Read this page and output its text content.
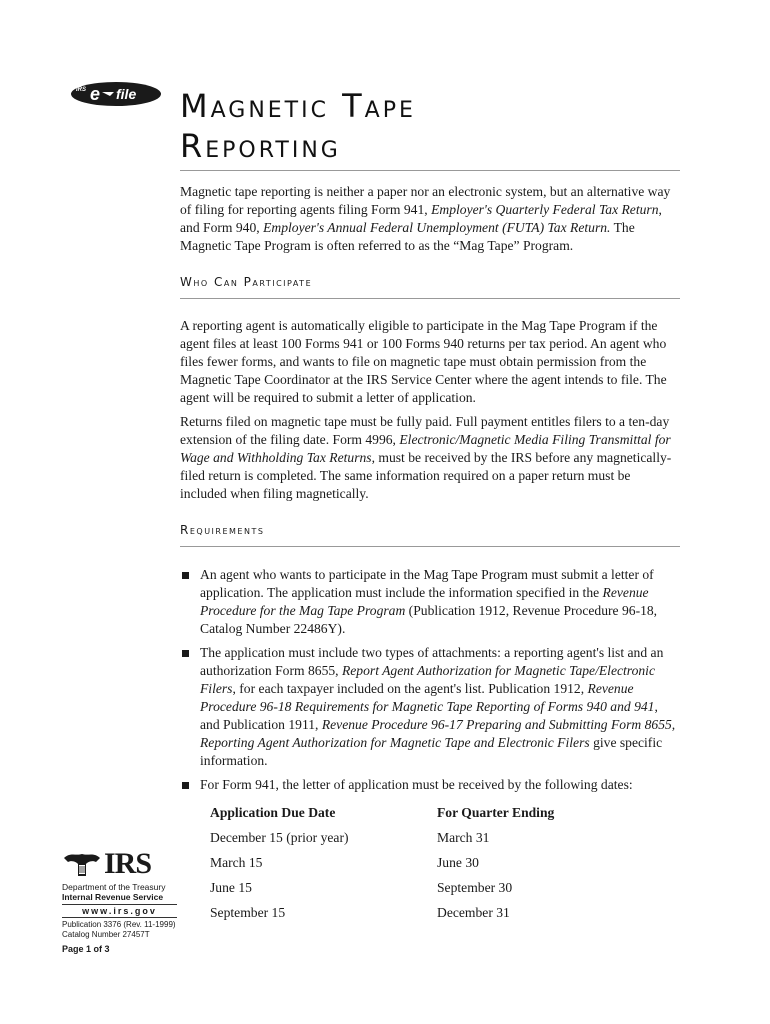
IRS e file Magnetic Tape
Reporting

Magnetic tape reporting is neither a paper nor an electronic system, but an alternative way of filing for reporting agents filing Form 941, Employer's Quarterly Federal Tax Return, and Form 940, Employer's Annual Federal Unemployment (FUTA) Tax Return. The Magnetic Tape Program is often referred to as the “Mag Tape” Program.

Who Can Participate

A reporting agent is automatically eligible to participate in the Mag Tape Program if the agent files at least 100 Forms 941 or 100 Forms 940 returns per tax period. An agent who files fewer forms, and wants to file on magnetic tape must obtain permission from the Magnetic Tape Coordinator at the IRS Service Center where the agent intends to file. The agent will be required to submit a letter of application.

Returns filed on magnetic tape must be fully paid. Full payment entitles filers to a ten-day extension of the filing date. Form 4996, Electronic/Magnetic Media Filing Transmittal for Wage and Withholding Tax Returns, must be received by the IRS before any magnetically-filed return is completed. The same information required on a paper return must be included when filing magnetically.

Requirements
An agent who wants to participate in the Mag Tape Program must submit a letter of application. The application must include the information specified in the Revenue Procedure for the Mag Tape Program (Publication 1912, Revenue Procedure 96-18, Catalog Number 22486Y).
The application must include two types of attachments: a reporting agent's list and an authorization Form 8655, Report Agent Authorization for Magnetic Tape/Electronic Filers, for each taxpayer included on the agent's list. Publication 1912, Revenue Procedure 96-18 Requirements for Magnetic Tape Reporting of Forms 940 and 941, and Publication 1911, Revenue Procedure 96-17 Preparing and Submitting Form 8655, Reporting Agent Authorization for Magnetic Tape and Electronic Filers give specific information.
For Form 941, the letter of application must be received by the following dates:
Application Due Date	For Quarter Ending
December 15 (prior year)	March 31
March 15	June 30
June 15	September 30
September 15	December 31
IRS
Department of the Treasury
Internal Revenue Service
www.irs.gov
Publication 3376 (Rev. 11-1999)
Catalog Number 27457T
Page 1 of 3
